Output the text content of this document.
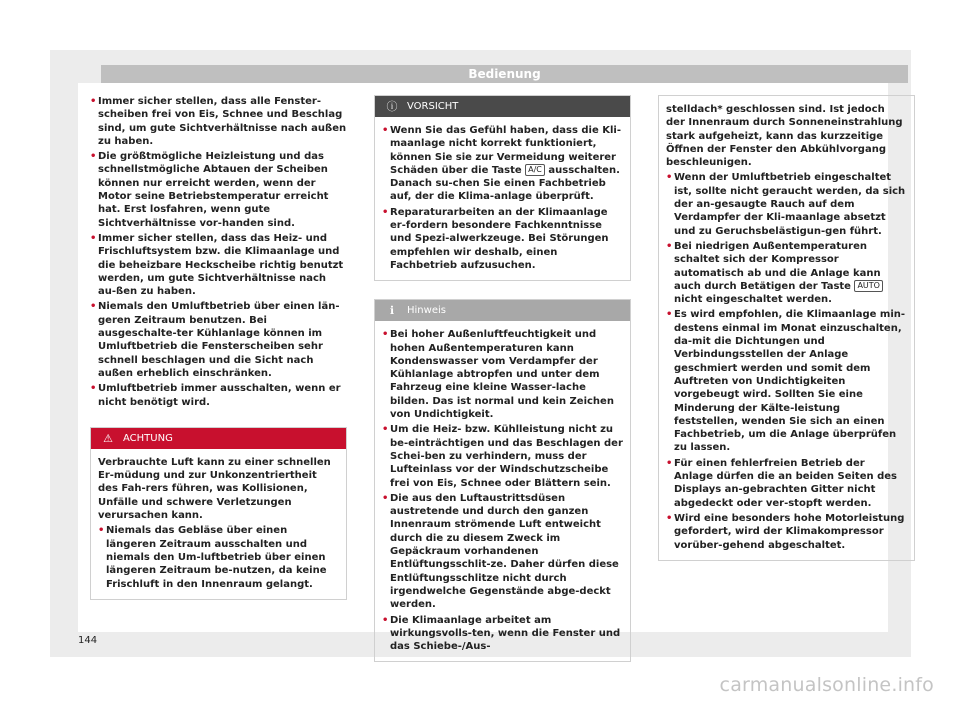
Bedienung
• Immer sicher stellen, dass alle Fenster-scheiben frei von Eis, Schnee und Beschlag sind, um gute Sichtverhältnisse nach außen zu haben.
• Die größtmögliche Heizleistung und das schnellstmögliche Abtauen der Scheiben können nur erreicht werden, wenn der Motor seine Betriebstemperatur erreicht hat. Erst losfahren, wenn gute Sichtverhältnisse vor-handen sind.
• Immer sicher stellen, dass das Heiz- und Frischluftsystem bzw. die Klimaanlage und die beheizbare Heckscheibe richtig benutzt werden, um gute Sichtverhältnisse nach au-ßen zu haben.
• Niemals den Umluftbetrieb über einen län-geren Zeitraum benutzen. Bei ausgeschalte-ter Kühlanlage können im Umluftbetrieb die Fensterscheiben sehr schnell beschlagen und die Sicht nach außen erheblich einschränken.
• Umluftbetrieb immer ausschalten, wenn er nicht benötigt wird.
⚠ ACHTUNG

Verbrauchte Luft kann zu einer schnellen Er-müdung und zur Unkonzentriertheit des Fah-rers führen, was Kollisionen, Unfälle und schwere Verletzungen verursachen kann.

• Niemals das Gebläse über einen längeren Zeitraum ausschalten und niemals den Um-luftbetrieb über einen längeren Zeitraum be-nutzen, da keine Frischluft in den Innenraum gelangt.
ⓘ VORSICHT
• Wenn Sie das Gefühl haben, dass die Kli-maanlage nicht korrekt funktioniert, können Sie sie zur Vermeidung weiterer Schäden über die Taste A/C ausschalten. Danach su-chen Sie einen Fachbetrieb auf, der die Klima-anlage überprüft.
• Reparaturarbeiten an der Klimaanlage er-fordern besondere Fachkenntnisse und Spezi-alwerkzeuge. Bei Störungen empfehlen wir deshalb, einen Fachbetrieb aufzusuchen.
ℹ	Hinweis
• Bei hoher Außenluftfeuchtigkeit und hohen Außentemperaturen kann Kondenswasser vom Verdampfer der Kühlanlage abtropfen und unter dem Fahrzeug eine kleine Wasser-lache bilden. Das ist normal und kein Zeichen von Undichtigkeit.
• Um die Heiz- bzw. Kühlleistung nicht zu be-einträchtigen und das Beschlagen der Schei-ben zu verhindern, muss der Lufteinlass vor der Windschutzscheibe frei von Eis, Schnee oder Blättern sein.
• Die aus den Luftaustrittsdüsen austretende und durch den ganzen Innenraum strömende Luft entweicht durch die zu diesem Zweck im Gepäckraum vorhandenen Entlüftungsschlit-ze. Daher dürfen diese Entlüftungsschlitze nicht durch irgendwelche Gegenstände abge-deckt werden.
• Die Klimaanlage arbeitet am wirkungsvolls-ten, wenn die Fenster und das Schiebe-/Aus-

stelldach* geschlossen sind. Ist jedoch der Innenraum durch Sonneneinstrahlung stark aufgeheizt, kann das kurzzeitige Öffnen der Fenster den Abkühlvorgang beschleunigen.

• Wenn der Umluftbetrieb eingeschaltet ist, sollte nicht geraucht werden, da sich der an-gesaugte Rauch auf dem Verdampfer der Kli-maanlage absetzt und zu Geruchsbelästigun-gen führt.
• Bei niedrigen Außentemperaturen schaltet sich der Kompressor automatisch ab und die Anlage kann auch durch Betätigen der Taste AUTO nicht eingeschaltet werden.
• Es wird empfohlen, die Klimaanlage min-destens einmal im Monat einzuschalten, da-mit die Dichtungen und Verbindungsstellen der Anlage geschmiert werden und somit dem Auftreten von Undichtigkeiten vorgebeugt wird. Sollten Sie eine Minderung der Kälte-leistung feststellen, wenden Sie sich an einen Fachbetrieb, um die Anlage überprüfen zu lassen.
• Für einen fehlerfreien Betrieb der Anlage dürfen die an beiden Seiten des Displays an-gebrachten Gitter nicht abgedeckt oder ver-stopft werden.
• Wird eine besonders hohe Motorleistung gefordert, wird der Klimakompressor vorüber-gehend abgeschaltet.
144
carmanualsonline.info
